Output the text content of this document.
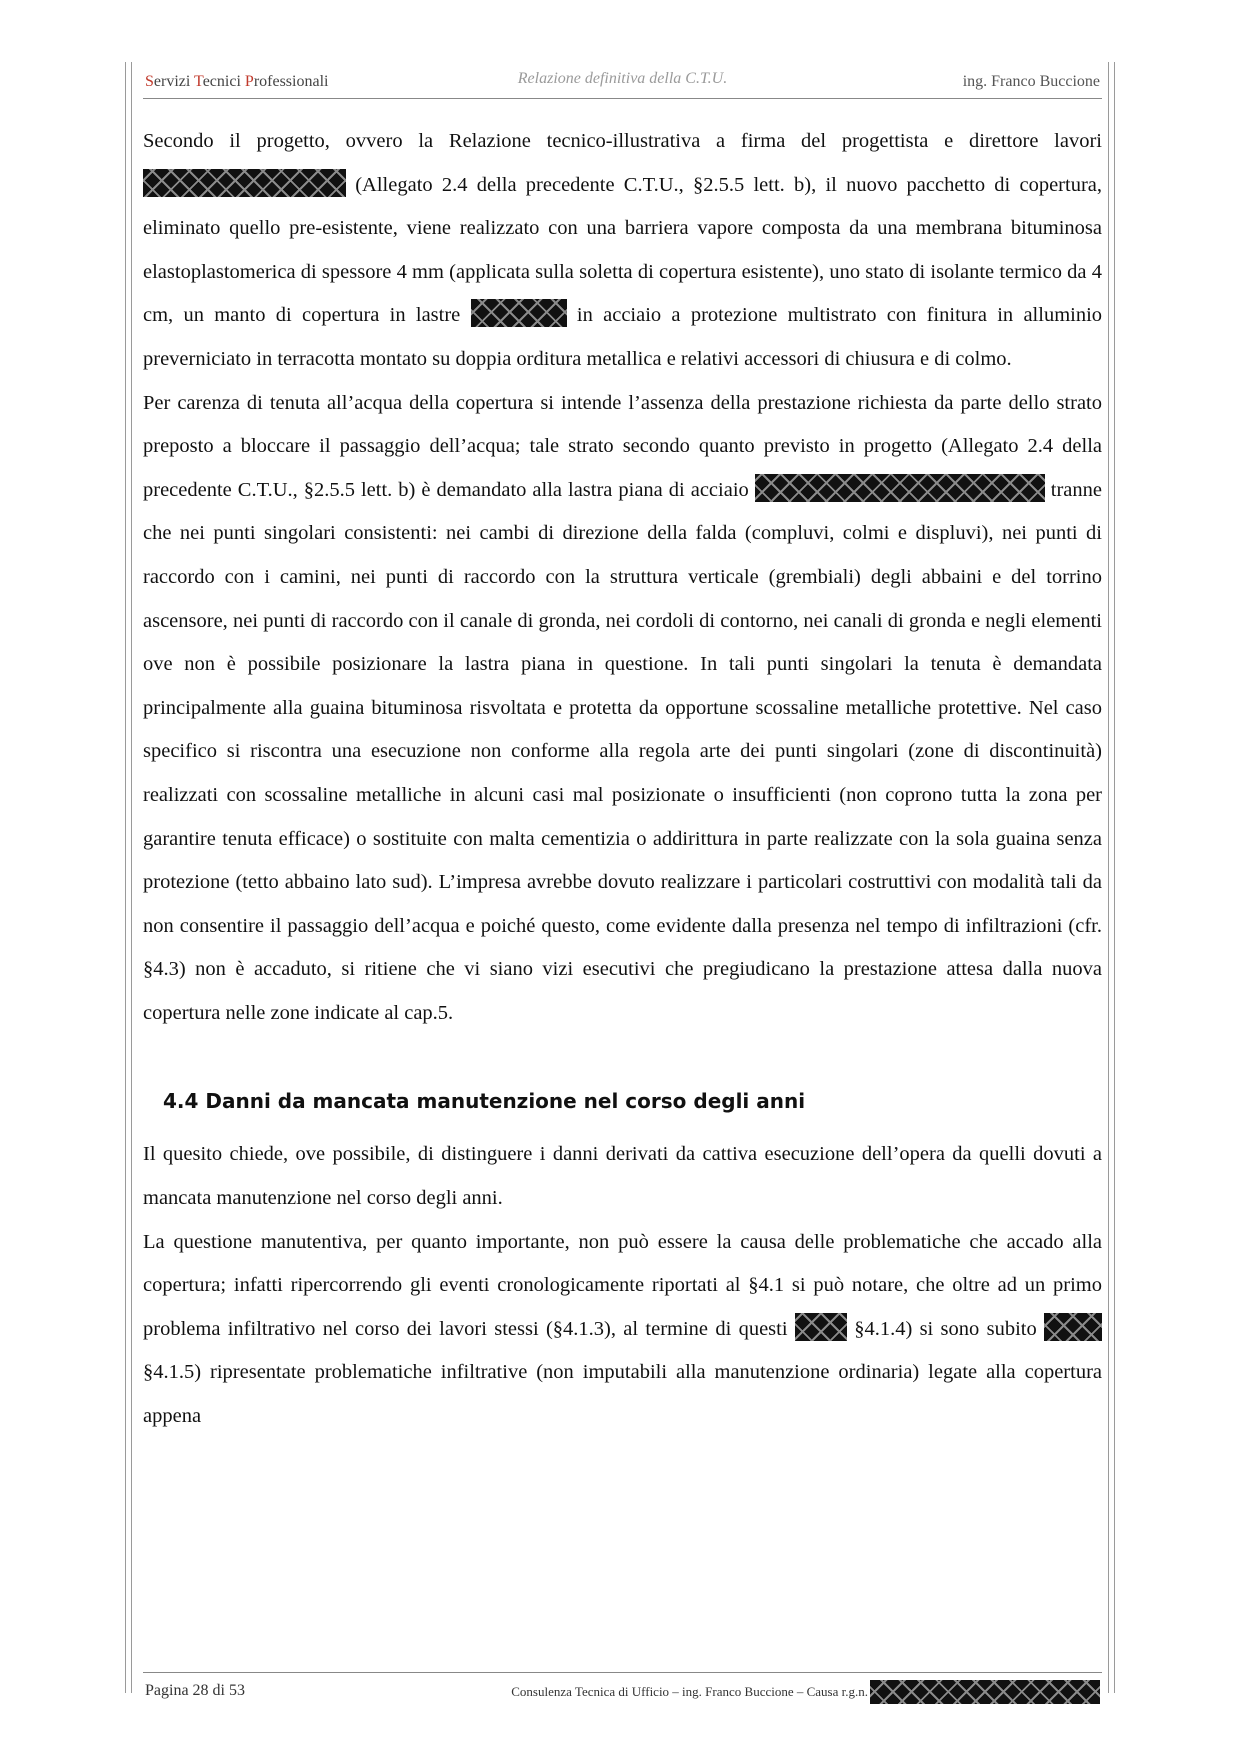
Servizi Tecnici Professionali	Relazione definitiva della C.T.U.	ing. Franco Buccione

Secondo il progetto, ovvero la Relazione tecnico-illustrativa a firma del progettista e direttore lavori  (Allegato 2.4 della precedente C.T.U., §2.5.5 lett. b), il nuovo pacchetto di copertura, eliminato quello pre-esistente, viene realizzato con una barriera vapore composta da una membrana bituminosa elastoplastomerica di spessore 4 mm (applicata sulla soletta di copertura esistente), uno stato di isolante termico da 4 cm, un manto di copertura in lastre	in acciaio a protezione multistrato con finitura in alluminio preverniciato in terracotta montato su doppia orditura metallica e relativi accessori di chiusura e di colmo.

Per carenza di tenuta all’acqua della copertura si intende l’assenza della prestazione richiesta da parte dello strato preposto a bloccare il passaggio dell’acqua; tale strato secondo quanto previsto in progetto (Allegato 2.4 della precedente C.T.U., §2.5.5 lett. b) è demandato alla lastra piana di acciaio	tranne che nei punti singolari consistenti: nei cambi di direzione della falda (compluvi, colmi e displuvi), nei punti di raccordo con i camini, nei punti di raccordo con la struttura verticale (grembiali) degli abbaini e del torrino ascensore, nei punti di raccordo con il canale di gronda, nei cordoli di contorno, nei canali di gronda e negli elementi ove non è possibile posizionare la lastra piana in questione. In tali punti singolari la tenuta è demandata principalmente alla guaina bituminosa risvoltata e protetta da opportune scossaline metalliche protettive. Nel caso specifico si riscontra una esecuzione non conforme alla regola arte dei punti singolari (zone di discontinuità) realizzati con scossaline metalliche in alcuni casi mal posizionate o insufficienti (non coprono tutta la zona per garantire tenuta efficace) o sostituite con malta cementizia o addirittura in parte realizzate con la sola guaina senza protezione (tetto abbaino lato sud). L’impresa avrebbe dovuto realizzare i particolari costruttivi con modalità tali da non consentire il passaggio dell’acqua e poiché questo, come evidente dalla presenza nel tempo di infiltrazioni (cfr. §4.3) non è accaduto, si ritiene che vi siano vizi esecutivi che pregiudicano la prestazione attesa dalla nuova copertura nelle zone indicate al cap.5.

4.4 Danni da mancata manutenzione nel corso degli anni

Il quesito chiede, ove possibile, di distinguere i danni derivati da cattiva esecuzione dell’opera da quelli dovuti a mancata manutenzione nel corso degli anni.

La questione manutentiva, per quanto importante, non può essere la causa delle problematiche che accado alla copertura; infatti ripercorrendo gli eventi cronologicamente riportati al §4.1 si può notare, che oltre ad un primo problema infiltrativo nel corso dei lavori stessi (§4.1.3), al termine di questi	§4.1.4) si sono subito  §4.1.5) ripresentate problematiche infiltrative (non imputabili alla manutenzione ordinaria) legate alla copertura appena

Pagina 28 di 53	Consulenza Tecnica di Ufficio – ing. Franco Buccione – Causa r.g.n.
